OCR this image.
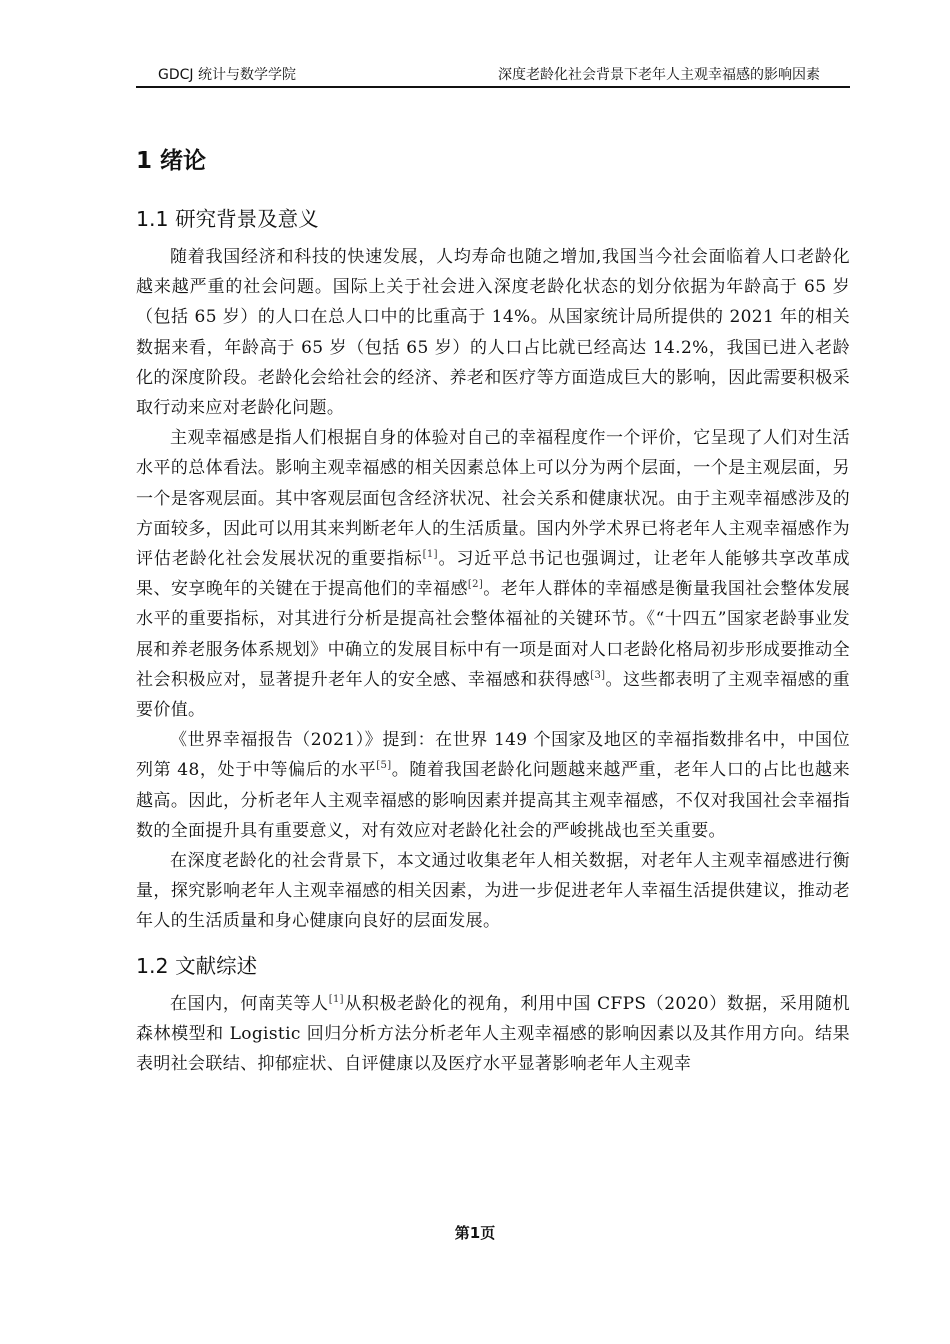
GDCJ 统计与数学学院	深度老龄化社会背景下老年人主观幸福感的影响因素
1 绪论
1.1 研究背景及意义

随着我国经济和科技的快速发展，人均寿命也随之增加,我国当今社会面临着人口老龄化越来越严重的社会问题。国际上关于社会进入深度老龄化状态的划分依据为年龄高于 65 岁（包括 65 岁）的人口在总人口中的比重高于 14%。从国家统计局所提供的 2021 年的相关数据来看，年龄高于 65 岁（包括 65 岁）的人口占比就已经高达 14.2%，我国已进入老龄化的深度阶段。老龄化会给社会的经济、养老和医疗等方面造成巨大的影响，因此需要积极采取行动来应对老龄化问题。

主观幸福感是指人们根据自身的体验对自己的幸福程度作一个评价，它呈现了人们对生活水平的总体看法。影响主观幸福感的相关因素总体上可以分为两个层面，一个是主观层面，另一个是客观层面。其中客观层面包含经济状况、社会关系和健康状况。由于主观幸福感涉及的方面较多，因此可以用其来判断老年人的生活质量。国内外学术界已将老年人主观幸福感作为评估老龄化社会发展状况的重要指标[1]。习近平总书记也强调过，让老年人能够共享改革成果、安享晚年的关键在于提高他们的幸福感[2]。老年人群体的幸福感是衡量我国社会整体发展水平的重要指标，对其进行分析是提高社会整体福祉的关键环节。《“十四五”国家老龄事业发展和养老服务体系规划》中确立的发展目标中有一项是面对人口老龄化格局初步形成要推动全社会积极应对，显著提升老年人的安全感、幸福感和获得感[3]。这些都表明了主观幸福感的重要价值。

《世界幸福报告（2021）》提到：在世界 149 个国家及地区的幸福指数排名中，中国位列第 48，处于中等偏后的水平[5]。随着我国老龄化问题越来越严重，老年人口的占比也越来越高。因此，分析老年人主观幸福感的影响因素并提高其主观幸福感，不仅对我国社会幸福指数的全面提升具有重要意义，对有效应对老龄化社会的严峻挑战也至关重要。

在深度老龄化的社会背景下，本文通过收集老年人相关数据，对老年人主观幸福感进行衡量，探究影响老年人主观幸福感的相关因素，为进一步促进老年人幸福生活提供建议，推动老年人的生活质量和身心健康向良好的层面发展。

1.2 文献综述

在国内，何南芙等人[1]从积极老龄化的视角，利用中国 CFPS（2020）数据，采用随机森林模型和 Logistic 回归分析方法分析老年人主观幸福感的影响因素以及其作用方向。结果表明社会联结、抑郁症状、自评健康以及医疗水平显著影响老年人主观幸

第1页
